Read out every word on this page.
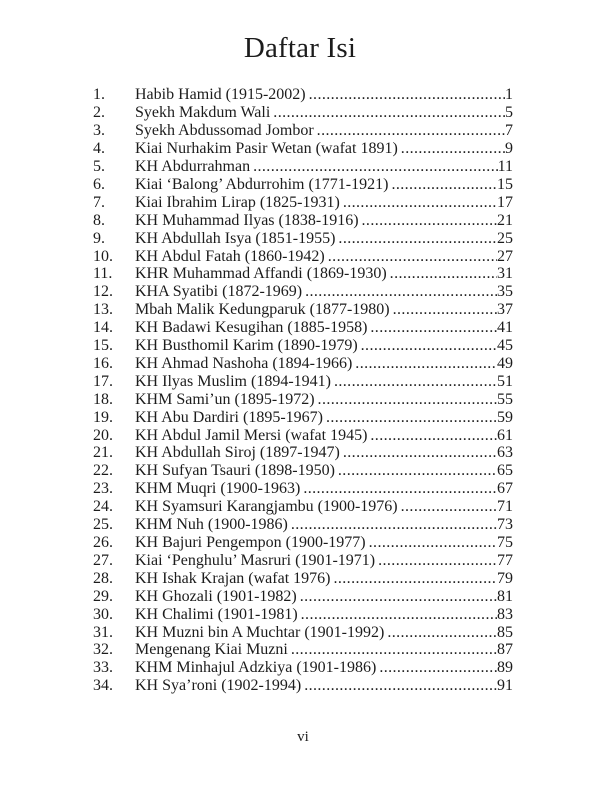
Daftar Isi
1.	Habib Hamid (1915-2002) .....	1
2.	Syekh Makdum Wali .....	5
3.	Syekh Abdussomad Jombor .....	7
4.	Kiai Nurhakim Pasir Wetan (wafat 1891) .....	9
5.	KH Abdurrahman .....	11
6.	Kiai ‘Balong’ Abdurrohim (1771-1921) .....	15
7.	Kiai Ibrahim Lirap (1825-1931) .....	17
8.	KH Muhammad Ilyas (1838-1916) .....	21
9.	KH Abdullah Isya (1851-1955) .....	25
10.	KH Abdul Fatah (1860-1942) .....	27
11.	KHR Muhammad Affandi (1869-1930) .....	31
12.	KHA Syatibi (1872-1969) .....	35
13.	Mbah Malik Kedungparuk (1877-1980) .....	37
14.	KH Badawi Kesugihan (1885-1958) .....	41
15.	KH Busthomil Karim (1890-1979) .....	45
16.	KH Ahmad Nashoha (1894-1966) .....	49
17.	KH Ilyas Muslim (1894-1941) .....	51
18.	KHM Sami’un (1895-1972) .....	55
19.	KH Abu Dardiri (1895-1967) .....	59
20.	KH Abdul Jamil Mersi (wafat 1945) .....	61
21.	KH Abdullah Siroj (1897-1947) .....	63
22.	KH Sufyan Tsauri (1898-1950) .....	65
23.	KHM Muqri (1900-1963) .....	67
24.	KH Syamsuri Karangjambu (1900-1976) .....	71
25.	KHM Nuh (1900-1986) .....	73
26.	KH Bajuri Pengempon (1900-1977) .....	75
27.	Kiai ‘Penghulu’ Masruri (1901-1971) .....	77
28.	KH Ishak Krajan (wafat 1976) .....	79
29.	KH Ghozali (1901-1982) .....	81
30.	KH Chalimi (1901-1981) .....	83
31.	KH Muzni bin A Muchtar (1901-1992) .....	85
32.	Mengenang Kiai Muzni .....	87
33.	KHM Minhajul Adzkiya (1901-1986) .....	89
34.	KH Sya’roni (1902-1994) .....	91
vi
